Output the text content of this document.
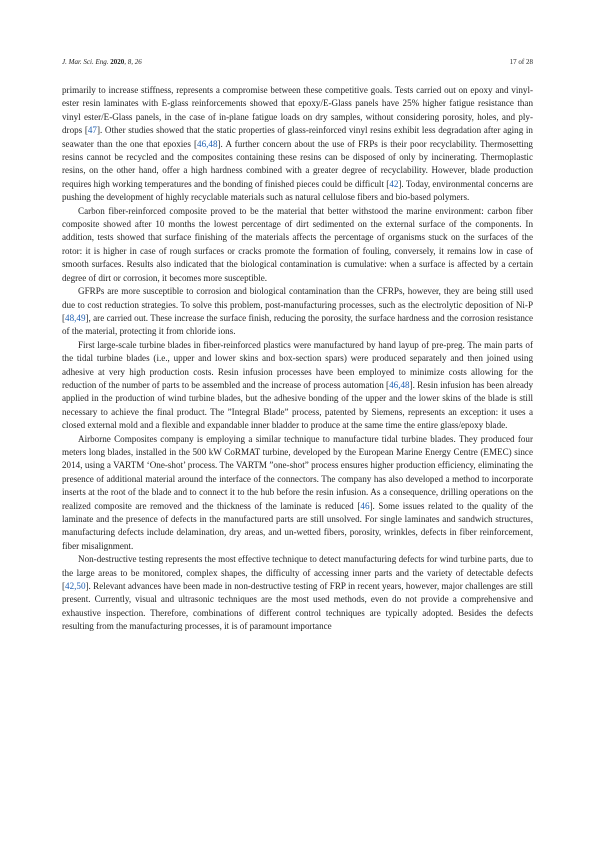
J. Mar. Sci. Eng. 2020, 8, 26	17 of 28

primarily to increase stiffness, represents a compromise between these competitive goals. Tests carried out on epoxy and vinyl-ester resin laminates with E-glass reinforcements showed that epoxy/E-Glass panels have 25% higher fatigue resistance than vinyl ester/E-Glass panels, in the case of in-plane fatigue loads on dry samples, without considering porosity, holes, and ply-drops [47]. Other studies showed that the static properties of glass-reinforced vinyl resins exhibit less degradation after aging in seawater than the one that epoxies [46,48]. A further concern about the use of FRPs is their poor recyclability. Thermosetting resins cannot be recycled and the composites containing these resins can be disposed of only by incinerating. Thermoplastic resins, on the other hand, offer a high hardness combined with a greater degree of recyclability. However, blade production requires high working temperatures and the bonding of finished pieces could be difficult [42]. Today, environmental concerns are pushing the development of highly recyclable materials such as natural cellulose fibers and bio-based polymers.

Carbon fiber-reinforced composite proved to be the material that better withstood the marine environment: carbon fiber composite showed after 10 months the lowest percentage of dirt sedimented on the external surface of the components. In addition, tests showed that surface finishing of the materials affects the percentage of organisms stuck on the surfaces of the rotor: it is higher in case of rough surfaces or cracks promote the formation of fouling, conversely, it remains low in case of smooth surfaces. Results also indicated that the biological contamination is cumulative: when a surface is affected by a certain degree of dirt or corrosion, it becomes more susceptible.

GFRPs are more susceptible to corrosion and biological contamination than the CFRPs, however, they are being still used due to cost reduction strategies. To solve this problem, post-manufacturing processes, such as the electrolytic deposition of Ni-P [48,49], are carried out. These increase the surface finish, reducing the porosity, the surface hardness and the corrosion resistance of the material, protecting it from chloride ions.

First large-scale turbine blades in fiber-reinforced plastics were manufactured by hand layup of pre-preg. The main parts of the tidal turbine blades (i.e., upper and lower skins and box-section spars) were produced separately and then joined using adhesive at very high production costs. Resin infusion processes have been employed to minimize costs allowing for the reduction of the number of parts to be assembled and the increase of process automation [46,48]. Resin infusion has been already applied in the production of wind turbine blades, but the adhesive bonding of the upper and the lower skins of the blade is still necessary to achieve the final product. The ”Integral Blade” process, patented by Siemens, represents an exception: it uses a closed external mold and a flexible and expandable inner bladder to produce at the same time the entire glass/epoxy blade.

Airborne Composites company is employing a similar technique to manufacture tidal turbine blades. They produced four meters long blades, installed in the 500 kW CoRMAT turbine, developed by the European Marine Energy Centre (EMEC) since 2014, using a VARTM ‘One-shot’ process. The VARTM ”one-shot” process ensures higher production efficiency, eliminating the presence of additional material around the interface of the connectors. The company has also developed a method to incorporate inserts at the root of the blade and to connect it to the hub before the resin infusion. As a consequence, drilling operations on the realized composite are removed and the thickness of the laminate is reduced [46]. Some issues related to the quality of the laminate and the presence of defects in the manufactured parts are still unsolved. For single laminates and sandwich structures, manufacturing defects include delamination, dry areas, and un-wetted fibers, porosity, wrinkles, defects in fiber reinforcement, fiber misalignment.

Non-destructive testing represents the most effective technique to detect manufacturing defects for wind turbine parts, due to the large areas to be monitored, complex shapes, the difficulty of accessing inner parts and the variety of detectable defects [42,50]. Relevant advances have been made in non-destructive testing of FRP in recent years, however, major challenges are still present. Currently, visual and ultrasonic techniques are the most used methods, even do not provide a comprehensive and exhaustive inspection. Therefore, combinations of different control techniques are typically adopted. Besides the defects resulting from the manufacturing processes, it is of paramount importance
